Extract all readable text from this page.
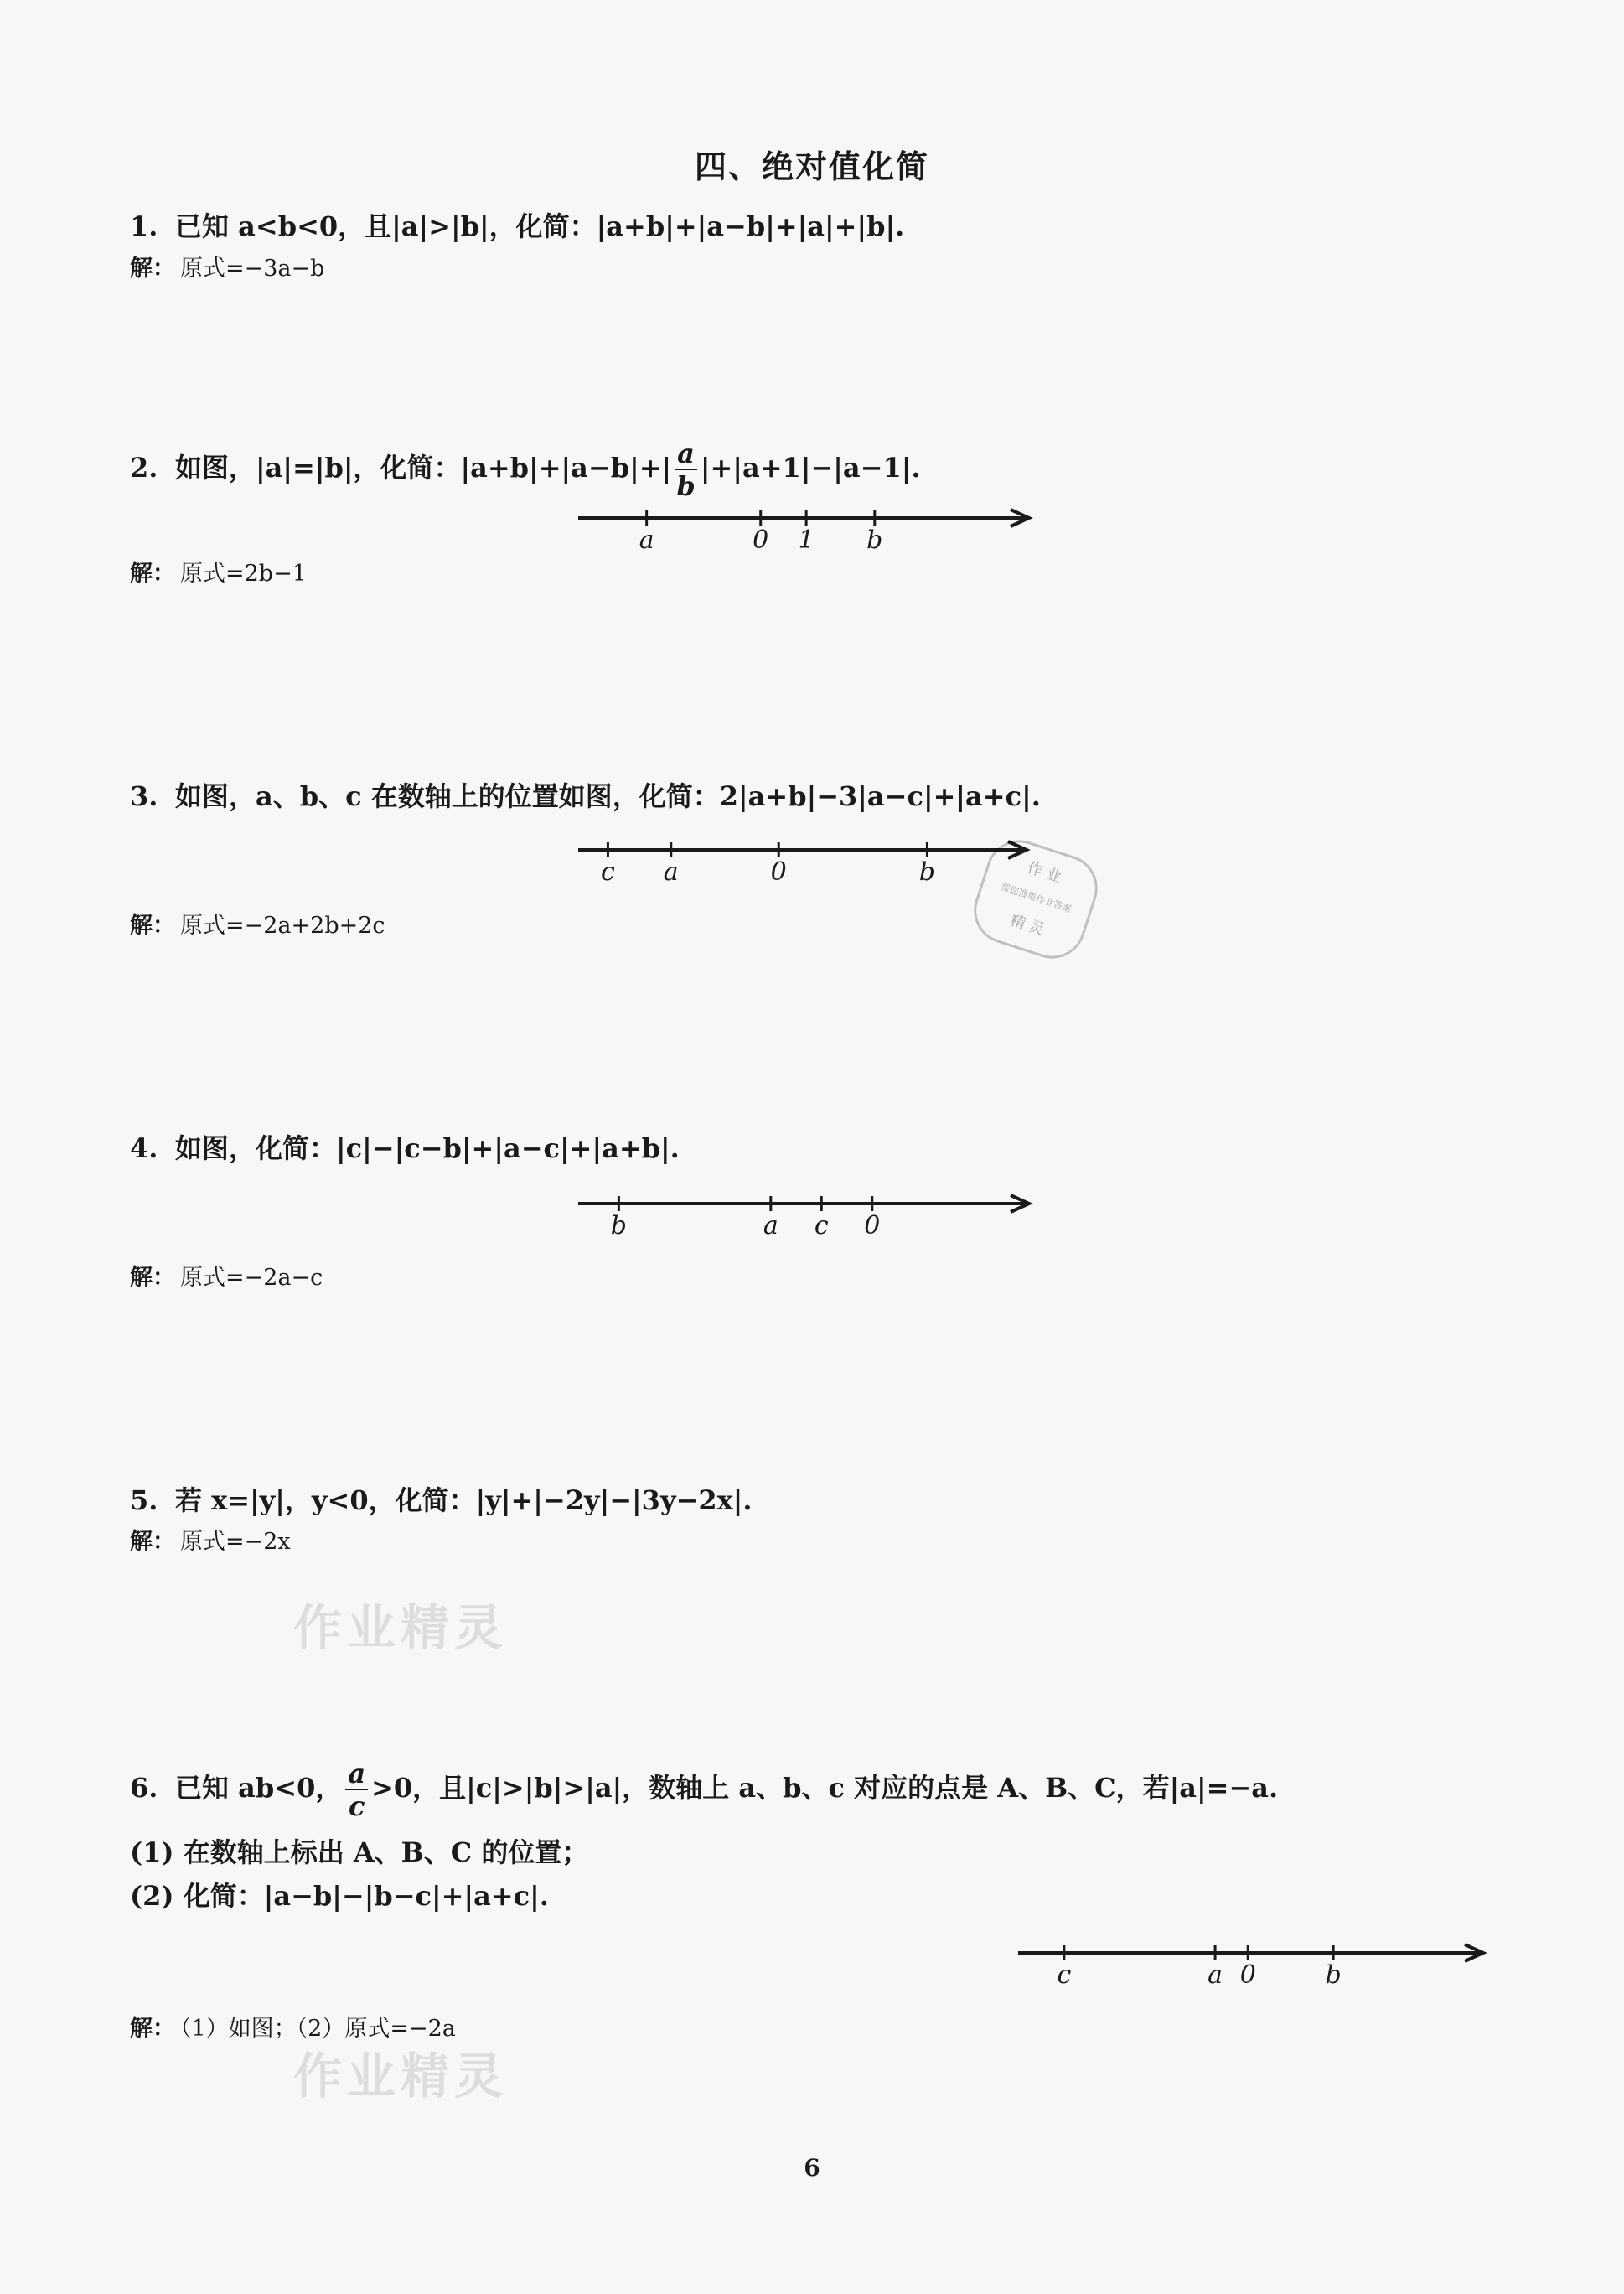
四、绝对值化简
1. 已知 a<b<0，且|a|>|b|，化简：|a+b|+|a−b|+|a|+|b|.
解： 原式=−3a−b
2. 如图，|a|=|b|，化简：$|a+b|+|a-b|+| \frac{a}{b} |+|a+1|-|a-1|$.
a	0 1 b
解： 原式=2b−1
3. 如图，a、b、c 在数轴上的位置如图，化简：2|a+b|−3|a−c|+|a+c|.
c a	0	b
解： 原式=−2a+2b+2c
作 业
帮您搜集作业答案
精 灵
4. 如图，化简：|c|−|c−b|+|a−c|+|a+b|.
b	a c 0
解： 原式=−2a−c
5. 若 x=|y|，y<0，化简：|y|+|−2y|−|3y−2x|.
解： 原式=−2x
作业精灵
6. 已知 ab<0， $\frac{a}{c} >0$，且|c|>|b|>|a|，数轴上 a、b、c 对应的点是 A、B、C，若|a|=−a.
(1) 在数轴上标出 A、B、C 的位置；
(2) 化简：|a−b|−|b−c|+|a+c|.
c	a 0	b
解： （1）如图；（2）原式=−2a
作业精灵
6
